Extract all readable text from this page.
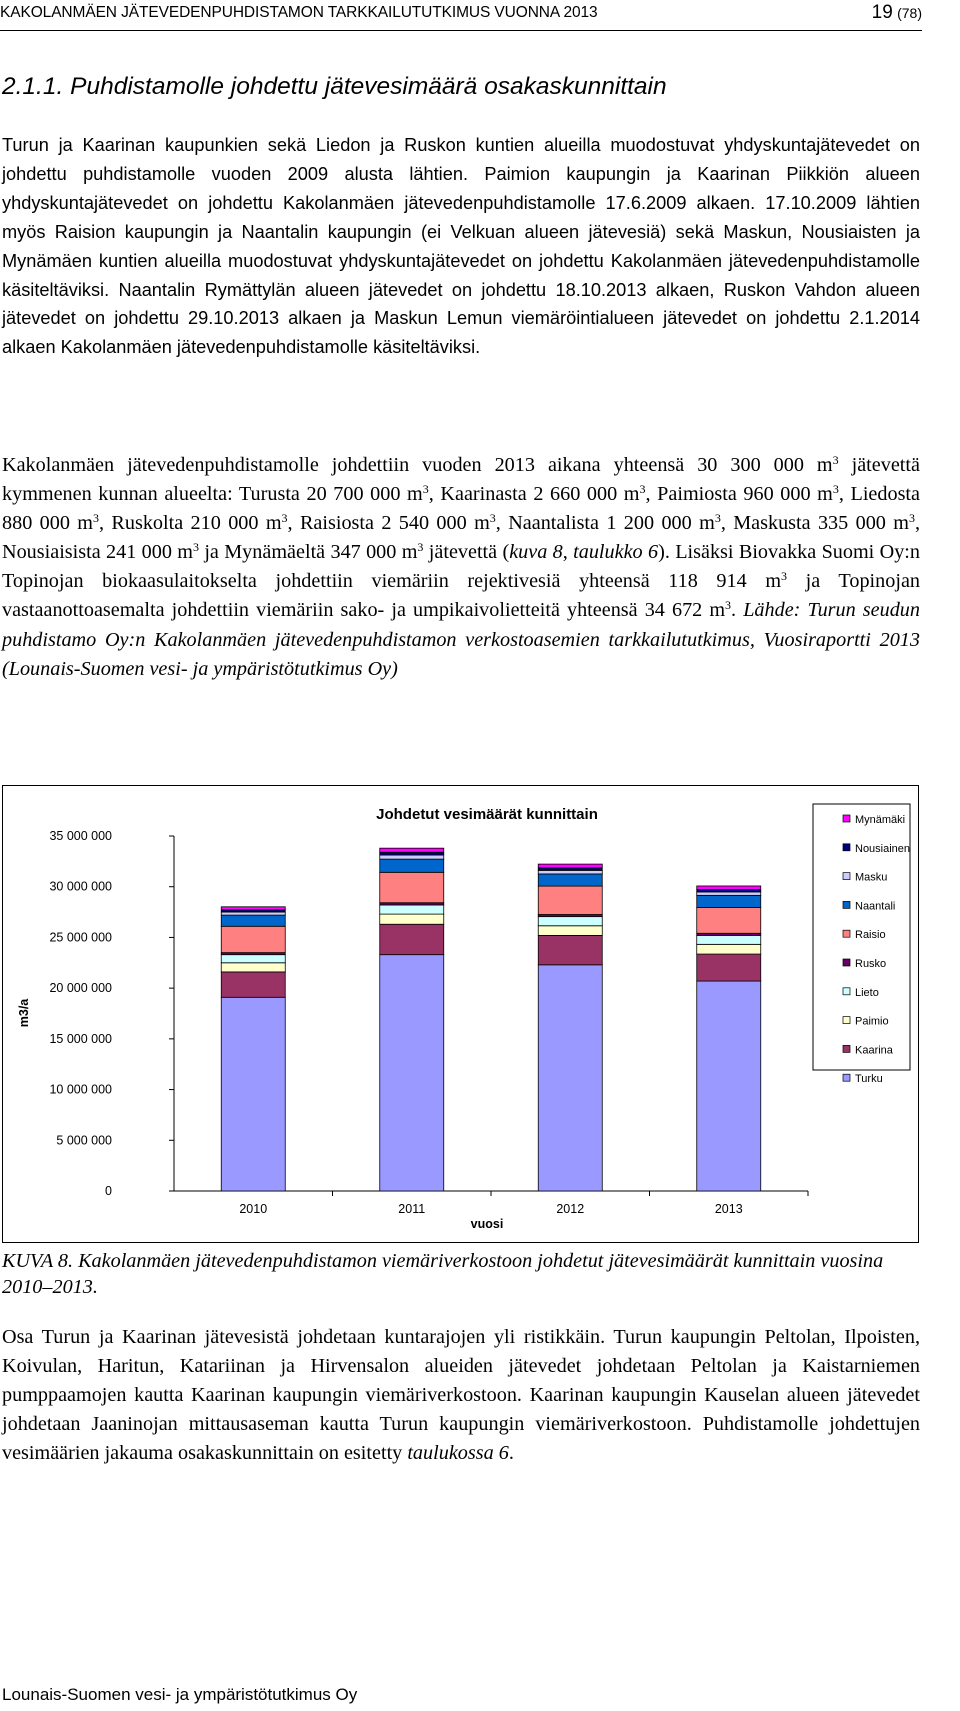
KAKOLANMÄEN JÄTEVEDENPUHDISTAMON TARKKAILUTUTKIMUS VUONNA 2013	19 (78)
2.1.1. Puhdistamolle johdettu jätevesimäärä osakaskunnittain

Turun ja Kaarinan kaupunkien sekä Liedon ja Ruskon kuntien alueilla muodostuvat yhdyskuntajätevedet on johdettu puhdistamolle vuoden 2009 alusta lähtien. Paimion kaupungin ja Kaarinan Piikkiön alueen yhdyskuntajätevedet on johdettu Kakolanmäen jätevedenpuhdistamolle 17.6.2009 alkaen. 17.10.2009 lähtien myös Raision kaupungin ja Naantalin kaupungin (ei Velkuan alueen jätevesiä) sekä Maskun, Nousiaisten ja Mynämäen kuntien alueilla muodostuvat yhdyskuntajätevedet on johdettu Kakolanmäen jätevedenpuhdistamolle käsiteltäviksi. Naantalin Rymättylän alueen jätevedet on johdettu 18.10.2013 alkaen, Ruskon Vahdon alueen jätevedet on johdettu 29.10.2013 alkaen ja Maskun Lemun viemäröintialueen jätevedet on johdettu 2.1.2014 alkaen Kakolanmäen jätevedenpuhdistamolle käsiteltäviksi.

Kakolanmäen jätevedenpuhdistamolle johdettiin vuoden 2013 aikana yhteensä 30 300 000 $m^3$ jätevettä kymmenen kunnan alueelta: Turusta 20 700 000 $m^3$, Kaarinasta 2 660 000 $m^3$, Paimiosta 960 000 $m^3$, Liedosta 880 000 $m^3$, Ruskolta 210 000 $m^3$, Raisiosta 2 540 000 $m^3$, Naantalista 1 200 000 $m^3$, Maskusta 335 000 $m^3$, Nousiaisista 241 000 $m^3$ ja Mynämäeltä 347 000 $m^3$ jätevettä (kuva 8, taulukko 6). Lisäksi Biovakka Suomi Oy:n Topinojan biokaasulaitokselta johdettiin viemäriin rejektivesiä yhteensä 118 914 $m^3$ ja Topinojan vastaanottoasemalta johdettiin viemäriin sako- ja umpikaivolietteitä yhteensä 34 672 $m^3$. Lähde: Turun seudun puhdistamo Oy:n Kakolanmäen jätevedenpuhdistamon verkostoasemien tarkkailututkimus, Vuosiraportti 2013 (Lounais-Suomen vesi- ja ympäristötutkimus Oy)

0
5 000 000
10 000 000
15 000 000
20 000 000
25 000 000
30 000 000
35 000 000
2010	2011	2012	2013
Johdetut vesimäärät kunnittain
vuosi
m3/a
Mynämäki
Nousiainen
Masku
Naantali
Raisio
Rusko
Lieto
Paimio
Kaarina
Turku

KUVA 8. Kakolanmäen jätevedenpuhdistamon viemäriverkostoon johdetut jätevesimäärät kunnittain vuosina 2010–2013.

Osa Turun ja Kaarinan jätevesistä johdetaan kuntarajojen yli ristikkäin. Turun kaupungin Peltolan, Ilpoisten, Koivulan, Haritun, Katariinan ja Hirvensalon alueiden jätevedet johdetaan Peltolan ja Kaistarniemen pumppaamojen kautta Kaarinan kaupungin viemäriverkostoon. Kaarinan kaupungin Kauselan alueen jätevedet johdetaan Jaaninojan mittausaseman kautta Turun kaupungin viemäriverkostoon. Puhdistamolle johdettujen vesimäärien jakauma osakaskunnittain on esitetty taulukossa 6.

Lounais-Suomen vesi- ja ympäristötutkimus Oy
